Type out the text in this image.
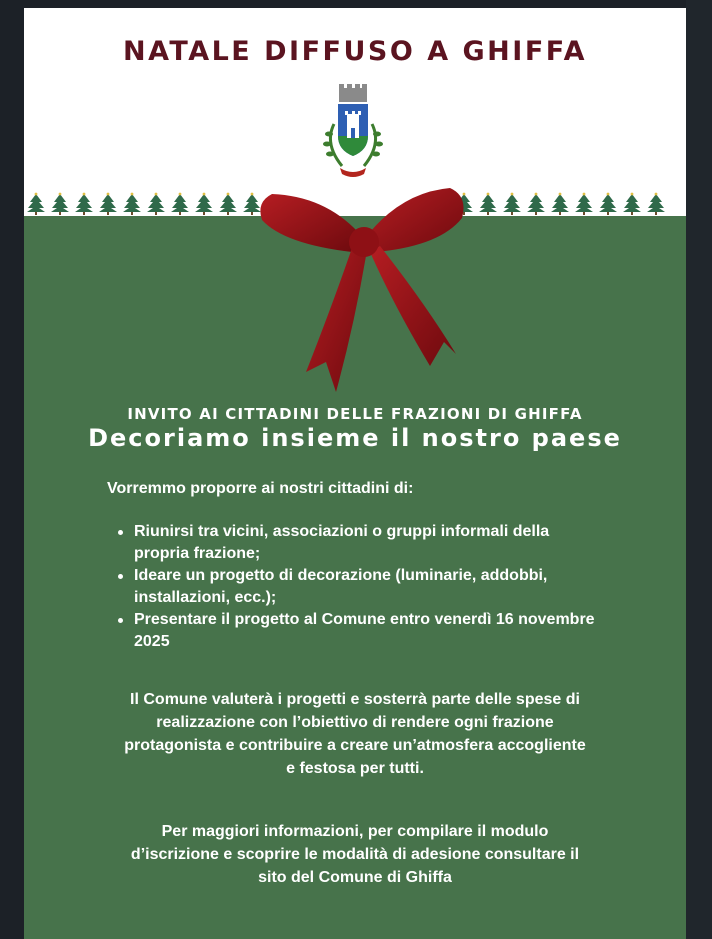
NATALE DIFFUSO A GHIFFA
INVITO AI CITTADINI DELLE FRAZIONI DI GHIFFA
Decoriamo insieme il nostro paese
Vorremmo proporre ai nostri cittadini di:
Riunirsi tra vicini, associazioni o gruppi informali della
propria frazione;
Ideare un progetto di decorazione (luminarie, addobbi,
installazioni, ecc.);
Presentare il progetto al Comune entro venerdì 16 novembre
2025
Il Comune valuterà i progetti e sosterrà parte delle spese di
realizzazione con l’obiettivo di rendere ogni frazione
protagonista e contribuire a creare un’atmosfera accogliente
e festosa per tutti.
Per maggiori informazioni, per compilare il modulo
d’iscrizione e scoprire le modalità di adesione consultare il
sito del Comune di Ghiffa
